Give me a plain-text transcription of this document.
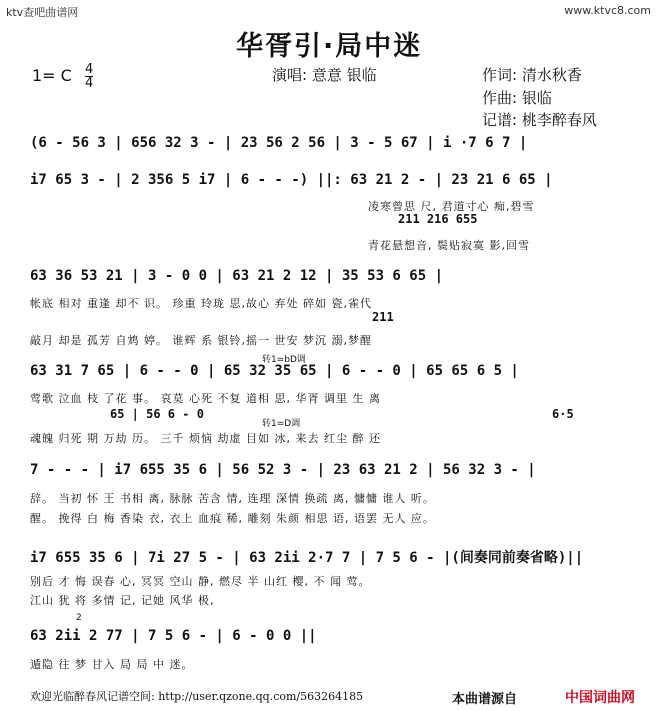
ktv查吧曲谱网	www.ktvc8.com
华胥引·局中迷
1= C $\frac{4}{4}$	演唱: 意意 银临	作词: 清水秋香
作曲: 银临
记谱: 桃李醉春风
(6 - 56 3 | 656 32 3 - | 23 56 2 56 | 3 - 5 67 | i ·7 6 7 |
i7 65 3 - | 2 356 5 i7 | 6 - - -) ||: 63 21 2 - | 23 21 6 65 |
凌寒曾思 尺, 君道寸心 痴,碧雪
211 216 655
青花悬想音, 鬓贴寂寞 影,回雪
63 36 53 21 | 3 - 0 0 | 63 21 2 12 | 35 53 6 65 |
帐底 相对 重逢 却不 识。 珍重 玲珑 思,故心 弃处 碎如 瓷,雀代
211
敲月 却是 孤芳 自鸩 婷。 谁辉 系 银铃,摇一 世安 梦沉 溺,梦醒
转1=bD调
63 31 7 65 | 6 - - 0 | 65 32 35 65 | 6 - - 0 | 65 65 6 5 |
莺歌 泣血 枝 了花 事。 哀莫 心死 不复 道相 思, 华胥 调里 生 离
65 | 56 6 - 0
转1=D调
6·5
魂魄 归死 期 万劫 历。 三千 烦恼 劫虚 目如 冰, 来去 红尘 醉 还
7 - - - | i7 655 35 6 | 56 52 3 - | 23 63 21 2 | 56 32 3 - |
辞。 当初 怀 王 书相 离, 脉脉 苦含 情, 连理 深情 换疏 离, 慵慵 谁人 听。
醒。 挽得 白 梅 香染 衣, 衣上 血痕 稀, 雕刻 朱颜 相思 语, 语罢 无人 应。
i7 655 35 6 | 7i 27 5 - | 63 2ii 2·7 7 | 7 5 6 - |(间奏同前奏省略)||
别后 才 悔 误春 心, 冥冥 空山 静, 燃尽 半 山红 樱, 不 闻 莺。
江山 犹 将 多情 记, 记她 风华 极,
2
63 2ii 2 77 | 7 5 6 - | 6 - 0 0 ||
遁隐 往 梦 甘入 局 局 中 迷。
欢迎光临醉春风记谱空间: http://user.qzone.qq.com/563264185	本曲谱源自	中国词曲网
